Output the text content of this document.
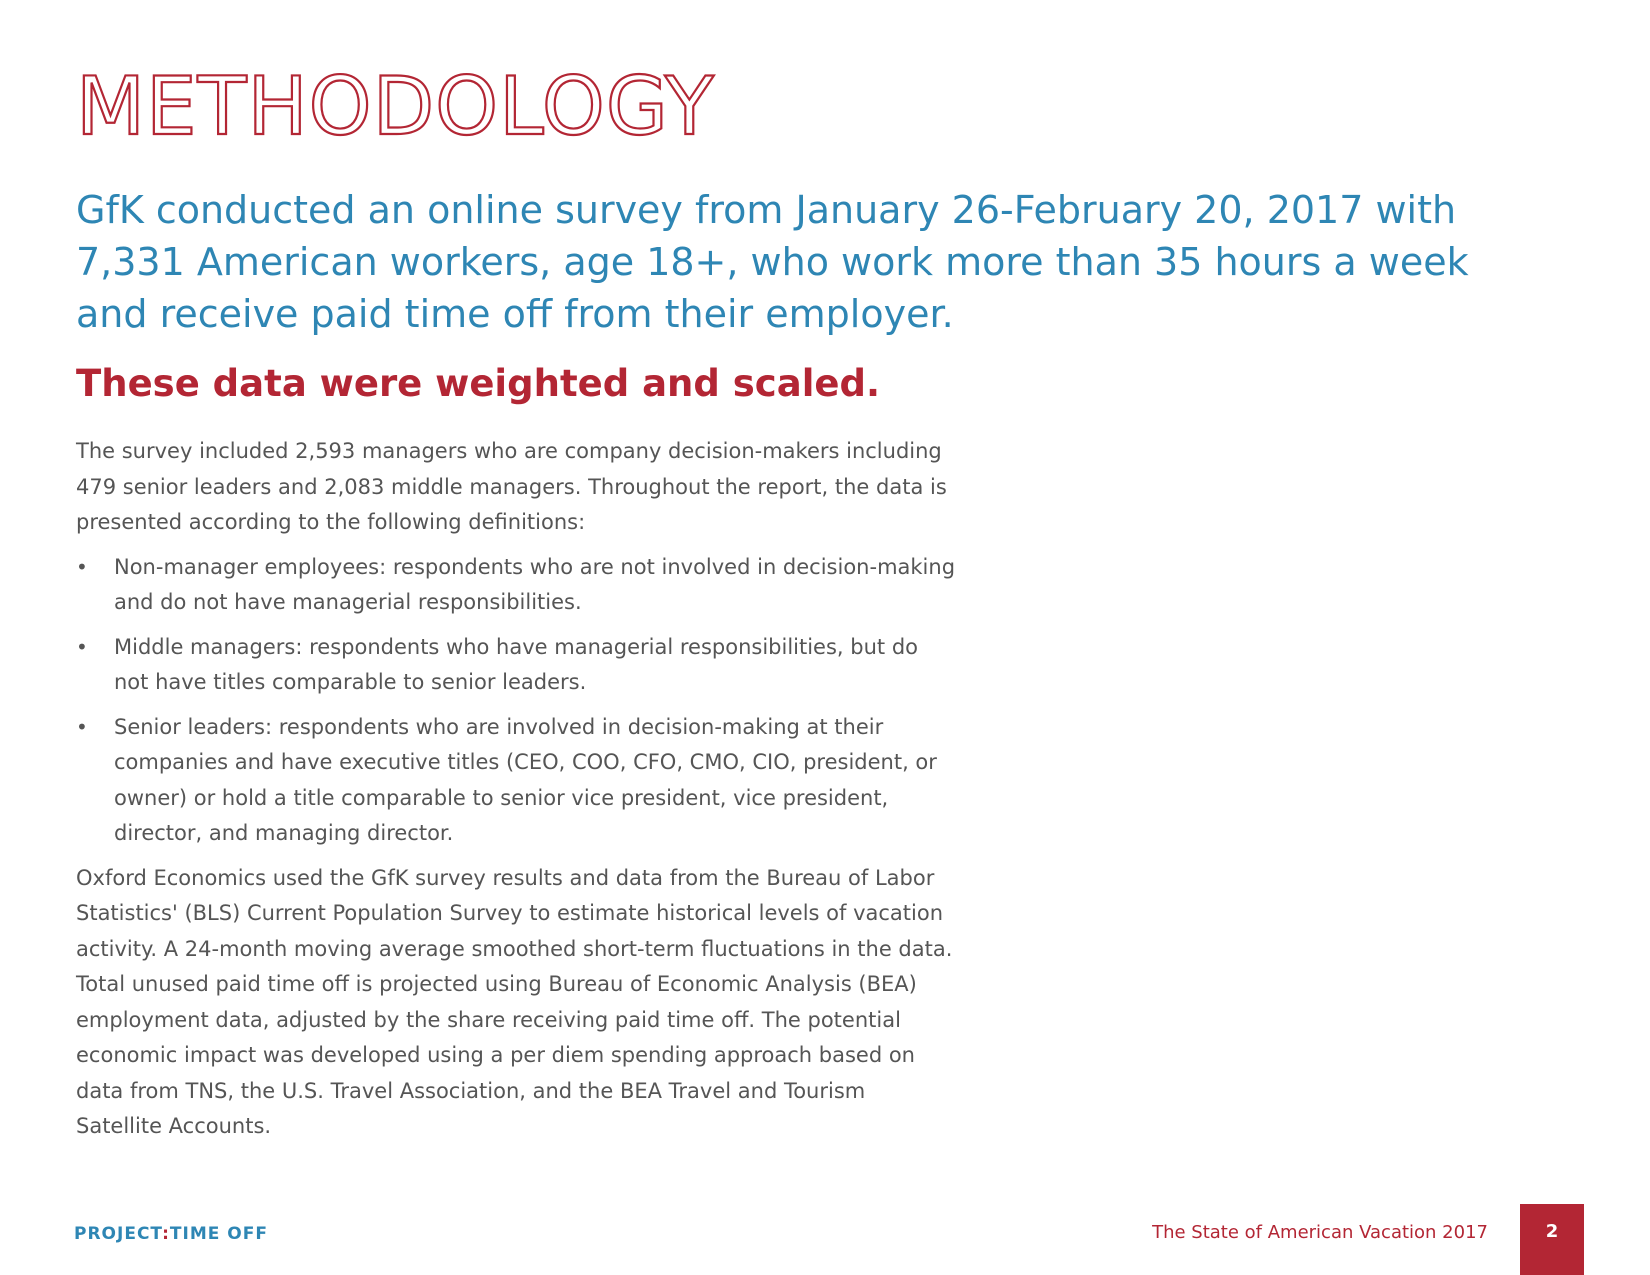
METHODOLOGY

GfK conducted an online survey from January 26-February 20, 2017 with 7,331 American workers, age 18+, who work more than 35 hours a week and receive paid time off from their employer.

These data were weighted and scaled.

The survey included 2,593 managers who are company decision-makers including 479 senior leaders and 2,083 middle managers. Throughout the report, the data is presented according to the following definitions:

• Non-manager employees: respondents who are not involved in decision-making and do not have managerial responsibilities.
• Middle managers: respondents who have managerial responsibilities, but do not have titles comparable to senior leaders.
• Senior leaders: respondents who are involved in decision-making at their companies and have executive titles (CEO, COO, CFO, CMO, CIO, president, or owner) or hold a title comparable to senior vice president, vice president, director, and managing director.

Oxford Economics used the GfK survey results and data from the Bureau of Labor Statistics' (BLS) Current Population Survey to estimate historical levels of vacation activity. A 24-month moving average smoothed short-term fluctuations in the data. Total unused paid time off is projected using Bureau of Economic Analysis (BEA) employment data, adjusted by the share receiving paid time off. The potential economic impact was developed using a per diem spending approach based on data from TNS, the U.S. Travel Association, and the BEA Travel and Tourism Satellite Accounts.

PROJECT:TIME OFF	The State of American Vacation 2017	2
